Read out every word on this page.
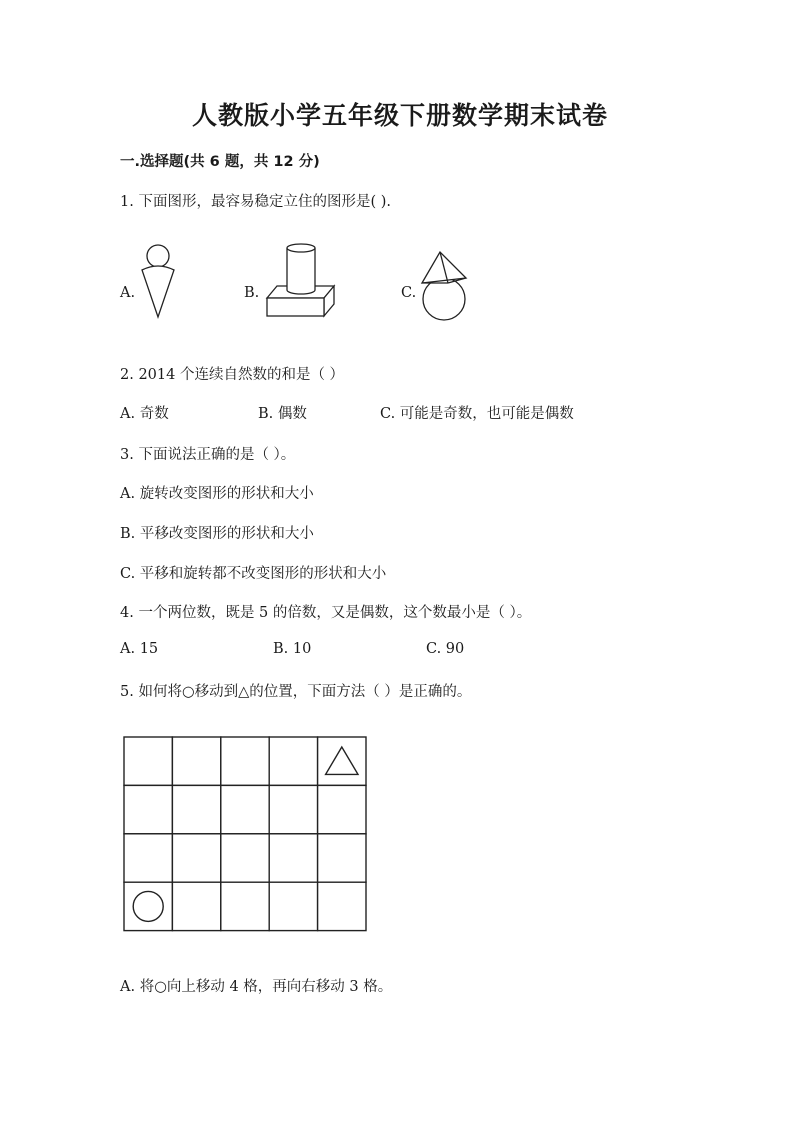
人教版小学五年级下册数学期末试卷
一.选择题(共 6 题，共 12 分)
1. 下面图形，最容易稳定立住的图形是( ).
A.	B.	C.
2. 2014 个连续自然数的和是（ ）
A. 奇数	B. 偶数	C. 可能是奇数，也可能是偶数
3. 下面说法正确的是（ ）。
A. 旋转改变图形的形状和大小
B. 平移改变图形的形状和大小
C. 平移和旋转都不改变图形的形状和大小
4. 一个两位数，既是 5 的倍数，又是偶数，这个数最小是（ ）。
A. 15	B. 10	C. 90
5. 如何将○移动到△的位置，下面方法（ ）是正确的。
A. 将○向上移动 4 格，再向右移动 3 格。
